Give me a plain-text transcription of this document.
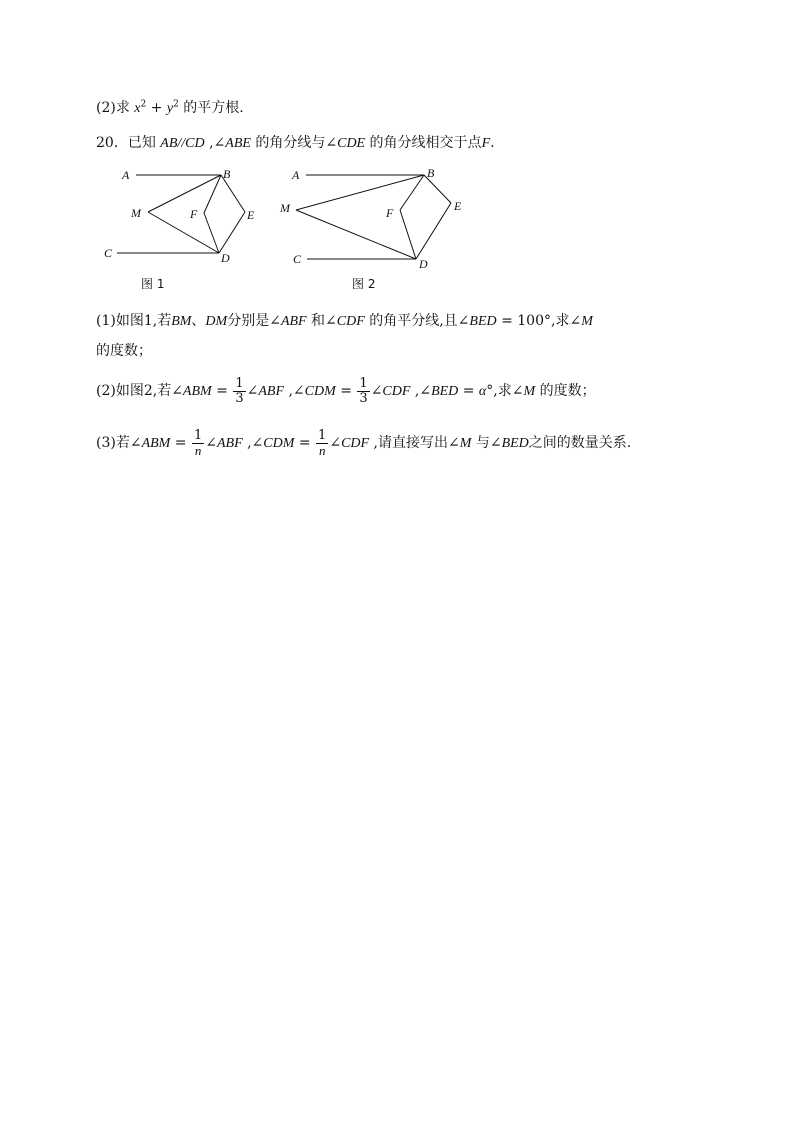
(2)求 $x^2 + y^2$ 的平方根.
20．已知 AB//CD ,∠ABE 的角分线与∠CDE 的角分线相交于点F.
A	B
C	D
E
F
M
图 1
A	B
C	D
E
F
M
图 2
(1)如图1,若BM、DM分别是∠ABF 和∠CDF 的角平分线,且∠BED = 100°,求∠M
的度数；
(2)如图2,若∠ABM = $\frac{1}{3}$ ∠ABF ,∠CDM = $\frac{1}{3}$ ∠CDF ,∠BED = α°,求∠M 的度数；
(3)若∠ABM = $\frac{1}{n}$ ∠ABF ,∠CDM = $\frac{1}{n}$ ∠CDF ,请直接写出∠M 与∠BED之间的数量关系.
